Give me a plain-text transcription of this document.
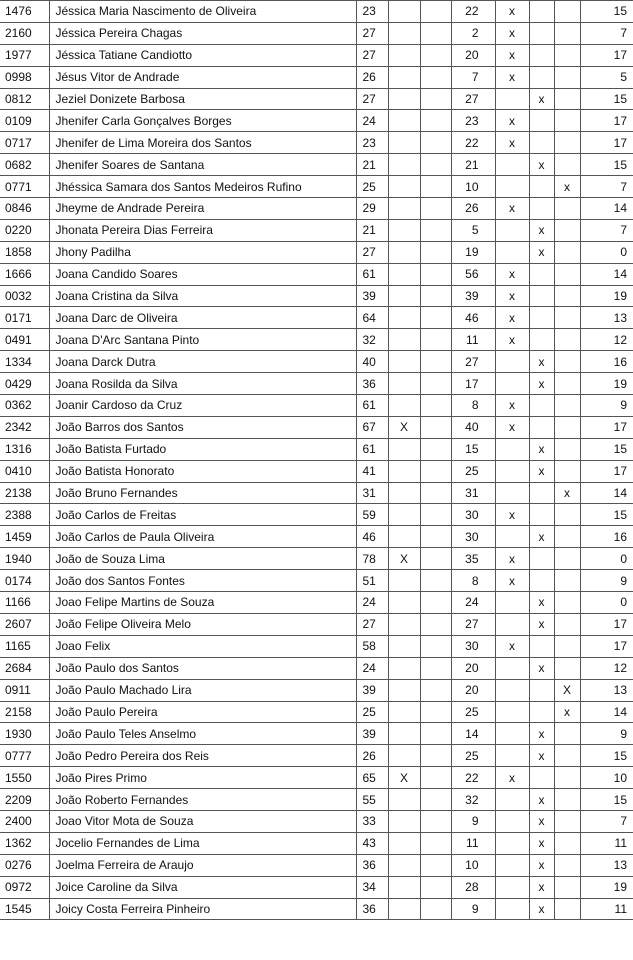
1476	Jéssica Maria Nascimento de Oliveira	23			22	x			15
2160	Jéssica Pereira Chagas	27			2	x			7
1977	Jéssica Tatiane Candiotto	27			20	x			17
0998	Jésus Vitor de Andrade	26			7	x			5
0812	Jeziel Donizete Barbosa	27			27		x		15
0109	Jhenifer Carla Gonçalves Borges	24			23	x			17
0717	Jhenifer de Lima Moreira dos Santos	23			22	x			17
0682	Jhenifer Soares de Santana	21			21		x		15
0771	Jhéssica Samara dos Santos Medeiros Rufino	25			10			x	7
0846	Jheyme de Andrade Pereira	29			26	x			14
0220	Jhonata Pereira Dias Ferreira	21			5		x		7
1858	Jhony Padilha	27			19		x		0
1666	Joana Candido Soares	61			56	x			14
0032	Joana Cristina da Silva	39			39	x			19
0171	Joana Darc de Oliveira	64			46	x			13
0491	Joana D'Arc Santana Pinto	32			11	x			12
1334	Joana Darck Dutra	40			27		x		16
0429	Joana Rosilda da Silva	36			17		x		19
0362	Joanir Cardoso da Cruz	61			8	x			9
2342	João Barros dos Santos	67	X		40	x			17
1316	João Batista Furtado	61			15		x		15
0410	João Batista Honorato	41			25		x		17
2138	João Bruno Fernandes	31			31			x	14
2388	João Carlos de Freitas	59			30	x			15
1459	João Carlos de Paula Oliveira	46			30		x		16
1940	João de Souza Lima	78	X		35	x			0
0174	João dos Santos Fontes	51			8	x			9
1166	Joao Felipe Martins de Souza	24			24		x		0
2607	João Felipe Oliveira Melo	27			27		x		17
1165	Joao Felix	58			30	x			17
2684	João Paulo dos Santos	24			20		x		12
0911	João Paulo Machado Lira	39			20			X	13
2158	João Paulo Pereira	25			25			x	14
1930	João Paulo Teles Anselmo	39			14		x		9
0777	João Pedro Pereira dos Reis	26			25		x		15
1550	João Pires Primo	65	X		22	x			10
2209	João Roberto Fernandes	55			32		x		15
2400	Joao Vitor Mota de Souza	33			9		x		7
1362	Jocelio Fernandes de Lima	43			11		x		11
0276	Joelma Ferreira de Araujo	36			10		x		13
0972	Joice Caroline da Silva	34			28		x		19
1545	Joicy Costa Ferreira Pinheiro	36			9		x		11
